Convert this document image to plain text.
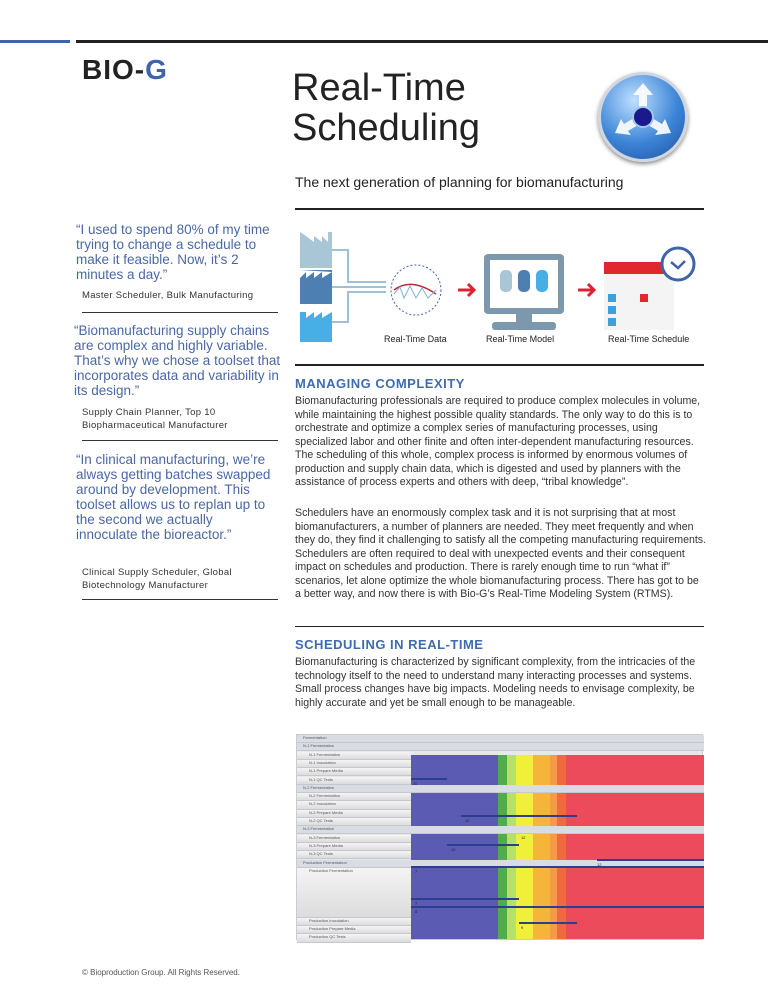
BIO-G	Real-Time
Scheduling
The next generation of planning for biomanufacturing
“I used to spend 80% of my time trying to change a schedule to make it feasible. Now, it’s 2 minutes a day.”
Master Scheduler, Bulk Manufacturing
“Biomanufacturing supply chains are complex and highly variable. That’s why we chose a toolset that incorporates data and variability in its design.”
Supply Chain Planner, Top 10 Biopharmaceutical Manufacturer
“In clinical manufacturing, we’re always getting batches swapped around by development. This toolset allows us to replan up to the second we actually innoculate the bioreactor.”
Clinical Supply Scheduler, Global Biotechnology Manufacturer
Real-Time Data	Real-Time Model	Real-Time Schedule
MANAGING COMPLEXITY
Biomanufacturing professionals are required to produce complex molecules in volume, while maintaining the highest possible quality standards. The only way to do this is to orchestrate and optimize a complex series of manufacturing processes, using specialized labor and other finite and often inter-dependent manufacturing resources. The scheduling of this whole, complex process is informed by enormous volumes of production and supply chain data, which is digested and used by planners with the assistance of process experts and others with deep, “tribal knowledge”.
Schedulers have an enormously complex task and it is not surprising that at most biomanufacturers, a number of planners are needed. They meet frequently and when they do, they find it challenging to satisfy all the competing manufacturing requirements. Schedulers are often required to deal with unexpected events and their consequent impact on schedules and production. There is rarely enough time to run “what if” scenarios, let alone optimize the whole biomanufacturing process. There has got to be a better way, and now there is with Bio-G’s Real-Time Modeling System (RTMS).
SCHEDULING IN REAL-TIME
Biomanufacturing is characterized by significant complexity, from the intricacies of the technology itself to the need to understand many interacting processes and systems. Small process changes have big impacts. Modeling needs to envisage complexity, be highly accurate and yet be small enough to be manageable.
Fermentation
N-1 Fermentation
N-1 Fermentation
N-1 Inoculation
N-1 Prepare Media
N-1 QC Tests
N-2 Fermentation
N-2 Fermentation
N-2 Inoculation
N-2 Prepare Media
N-2 QC Tests
N-3 Fermentation
N-3 Fermentation
N-3 Prepare Media
N-3 QC Tests
Production Fermentation
Production Fermentation
Production Inoculation
Production Prepare Media
Production QC Tests
12
11
12
12
12
7
7
8
9
© Bioproduction Group. All Rights Reserved.
